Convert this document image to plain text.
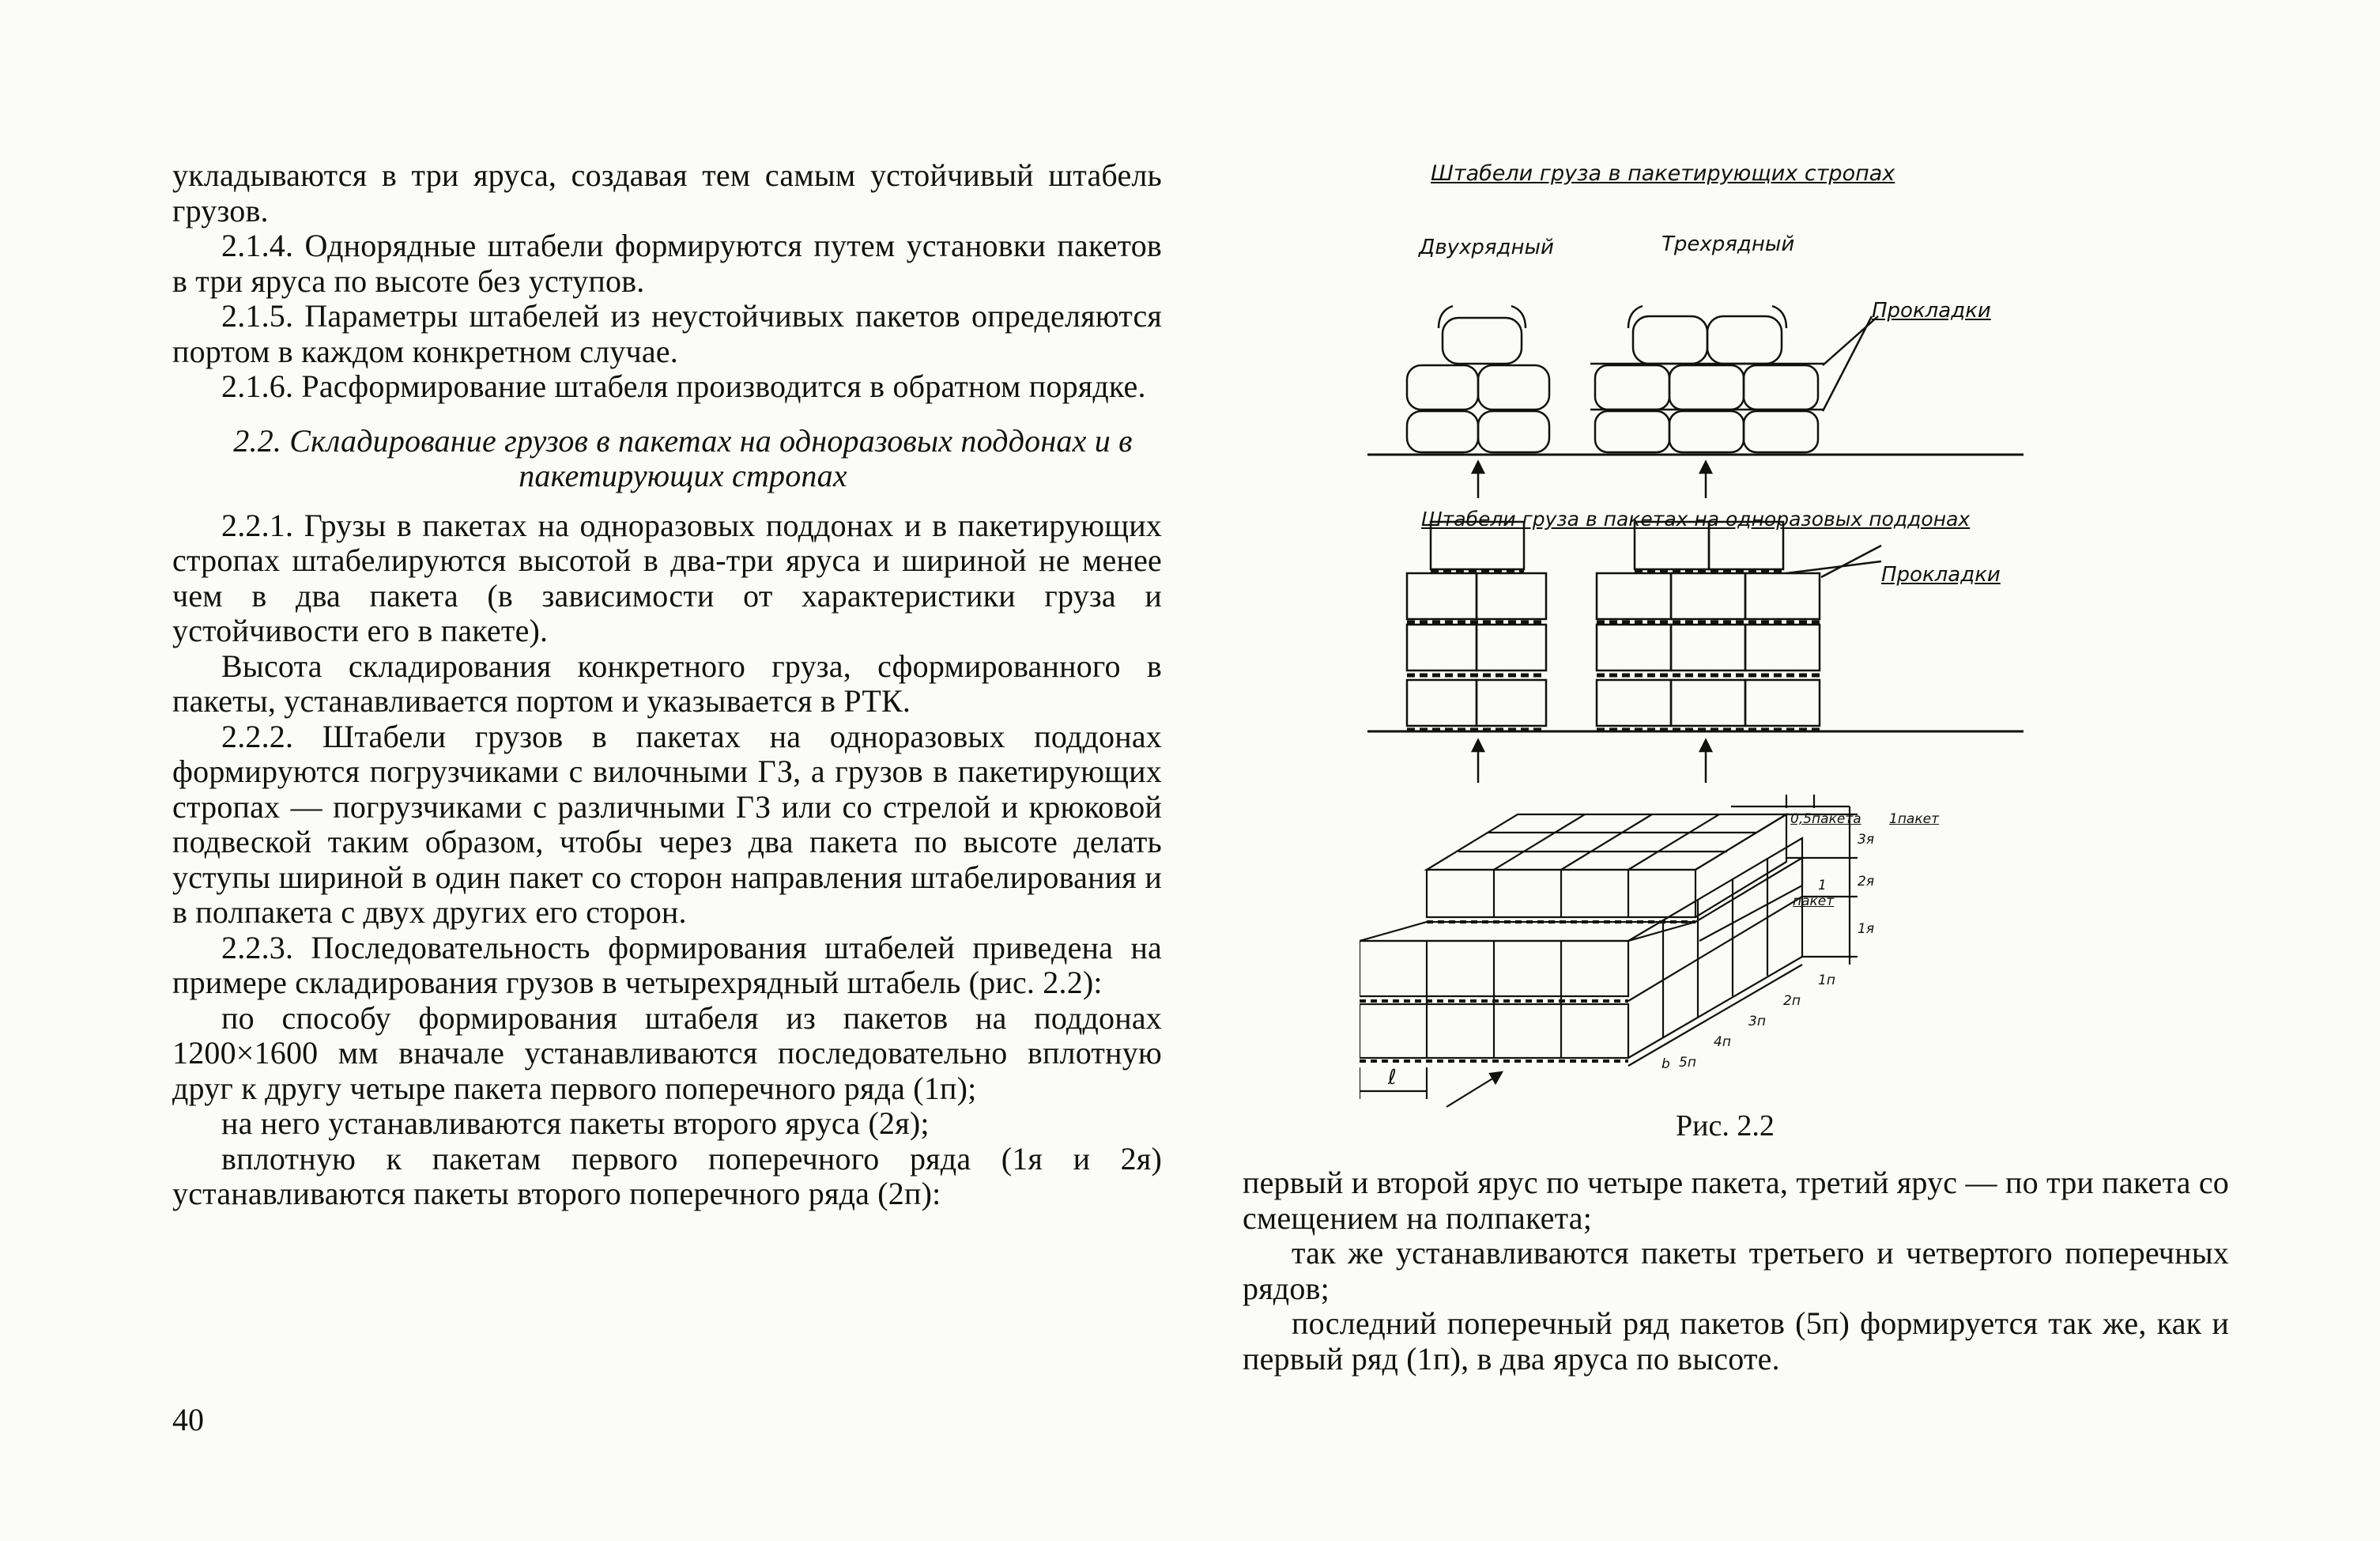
укладываются в три яруса, создавая тем самым устойчивый штабель грузов.

2.1.4. Однорядные штабели формируются путем установки пакетов в три яруса по высоте без уступов.

2.1.5. Параметры штабелей из неустойчивых пакетов определяются портом в каждом конкретном случае.

2.1.6. Расформирование штабеля производится в обратном порядке.

2.2. Складирование грузов в пакетах на одноразовых поддонах и в пакетирующих стропах

2.2.1. Грузы в пакетах на одноразовых поддонах и в пакетирующих стропах штабелируются высотой в два-три яруса и шириной не менее чем в два пакета (в зависимости от характеристики груза и устойчивости его в пакете).

Высота складирования конкретного груза, сформированного в пакеты, устанавливается портом и указывается в РТК.

2.2.2. Штабели грузов в пакетах на одноразовых поддонах формируются погрузчиками с вилочными ГЗ, а грузов в пакетирующих стропах — погрузчиками с различными ГЗ или со стрелой и крюковой подвеской таким образом, чтобы через два пакета по высоте делать уступы шириной в один пакет со сторон направления штабелирования и в полпакета с двух других его сторон.

2.2.3. Последовательность формирования штабелей приведена на примере складирования грузов в четырехрядный штабель (рис. 2.2):

по способу формирования штабеля из пакетов на поддонах 1200×1600 мм вначале устанавливаются последовательно вплотную друг к другу четыре пакета первого поперечного ряда (1п);

на него устанавливаются пакеты второго яруса (2я);

вплотную к пакетам первого поперечного ряда (1я и 2я) устанавливаются пакеты второго поперечного ряда (2п):

40
Штабели груза в пакетирующих стропах
Двухрядный	Трехрядный
Прокладки
Штабели груза в пакетах на одноразовых поддонах
Прокладки
0,5пакета 1пакет
1
пакет
3я
2я
1я
1п
2п
3п
4п
5п
b
ℓ
Рис. 2.2

первый и второй ярус по четыре пакета, третий ярус — по три пакета со смещением на полпакета;

так же устанавливаются пакеты третьего и четвертого поперечных рядов;

последний поперечный ряд пакетов (5п) формируется так же, как и первый ряд (1п), в два яруса по высоте.
